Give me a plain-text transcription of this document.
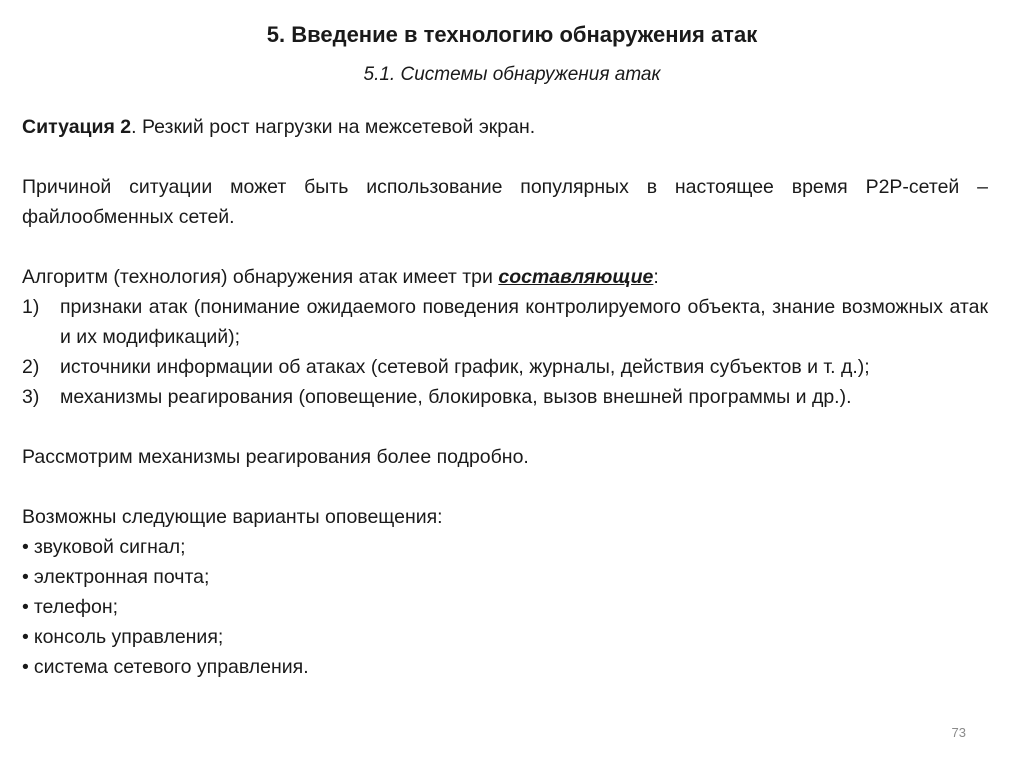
5. Введение в технологию обнаружения атак
5.1. Системы обнаружения атак

Ситуация 2. Резкий рост нагрузки на межсетевой экран.

Причиной ситуации может быть использование популярных в настоящее время P2P-сетей – файлообменных сетей.

Алгоритм (технология) обнаружения атак имеет три составляющие:

1) признаки атак (понимание ожидаемого поведения контролируемого объекта, знание возможных атак и их модификаций);
2) источники информации об атаках (сетевой график, журналы, действия субъектов и т. д.);
3) механизмы реагирования (оповещение, блокировка, вызов внешней программы и др.).

Рассмотрим механизмы реагирования более подробно.

Возможны следующие варианты оповещения:

• звуковой сигнал;
• электронная почта;
• телефон;
• консоль управления;
• система сетевого управления.
73
